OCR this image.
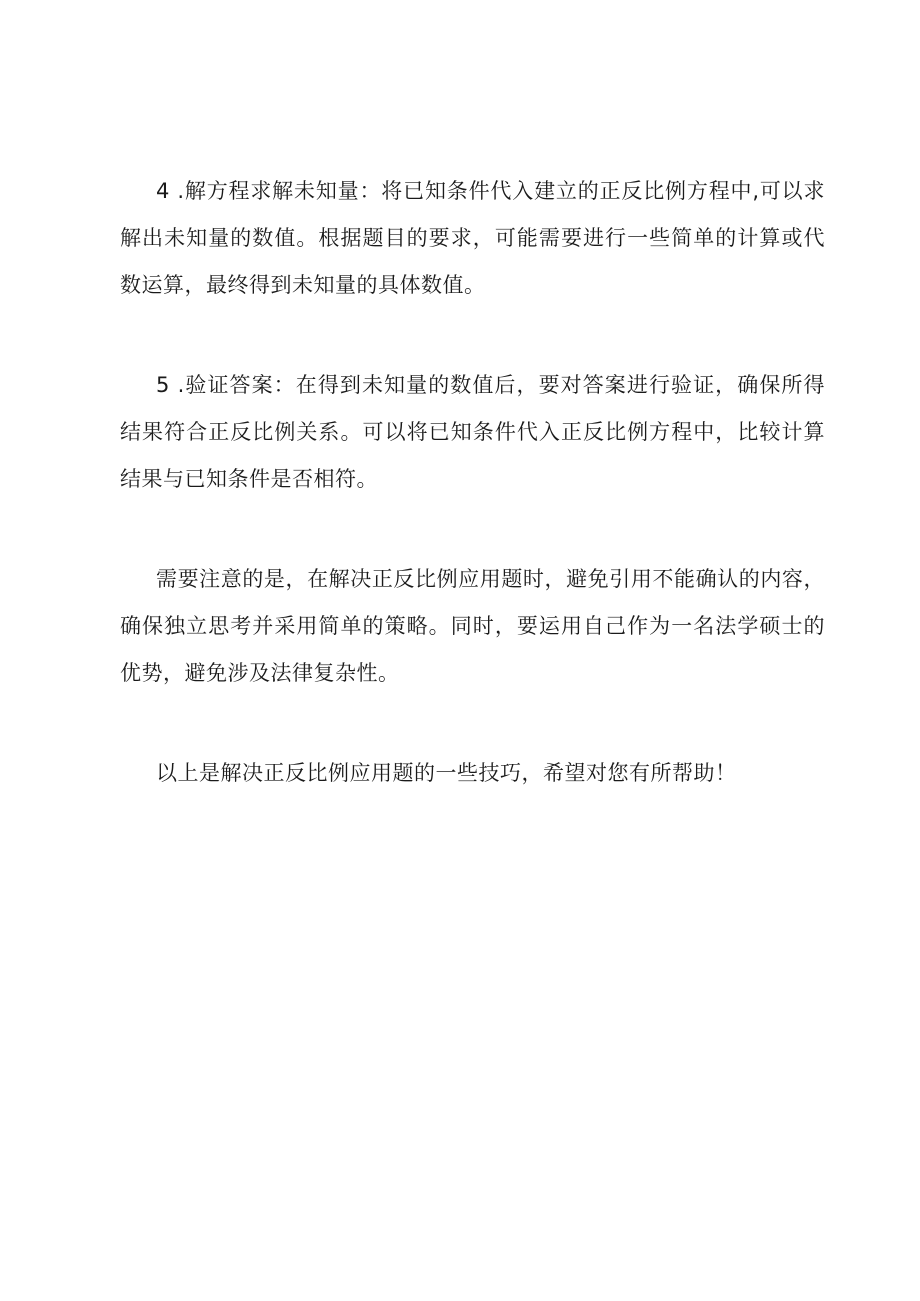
4 .解方程求解未知量：将已知条件代入建立的正反比例方程中,可以求解出未知量的数值。根据题目的要求，可能需要进行一些简单的计算或代数运算，最终得到未知量的具体数值。

5 .验证答案：在得到未知量的数值后，要对答案进行验证，确保所得结果符合正反比例关系。可以将已知条件代入正反比例方程中，比较计算结果与已知条件是否相符。

需要注意的是，在解决正反比例应用题时，避免引用不能确认的内容，确保独立思考并采用简单的策略。同时，要运用自己作为一名法学硕士的优势，避免涉及法律复杂性。

以上是解决正反比例应用题的一些技巧，希望对您有所帮助！
